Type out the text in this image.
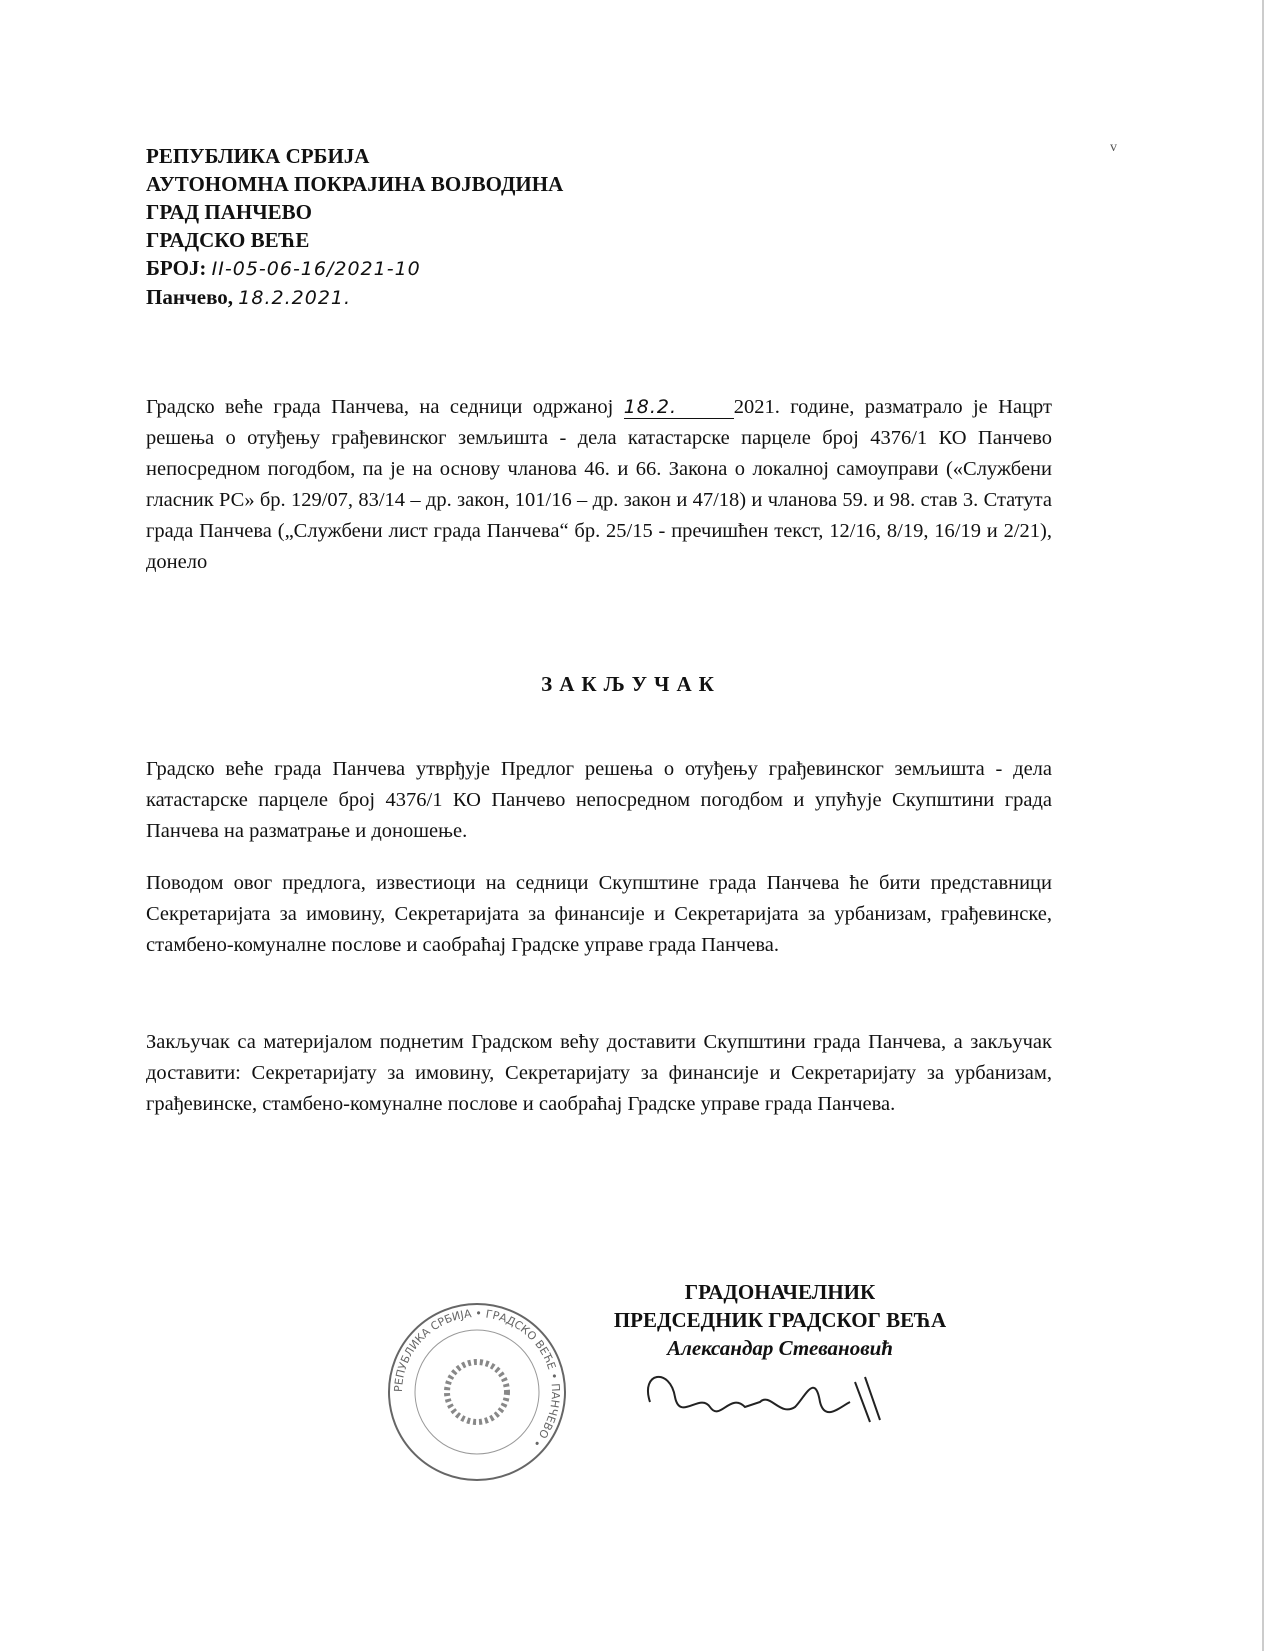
v
РЕПУБЛИКА СРБИЈА
АУТОНОМНА ПОКРАЈИНА ВОЈВОДИНА
ГРАД ПАНЧЕВО
ГРАДСКО ВЕЋЕ
БРОЈ: II-05-06-16/2021-10
Панчево, 18.2.2021.
Градско веће града Панчева, на седници одржаној 18.2.	2021. године, разматрало је Нацрт решења о отуђењу грађевинског земљишта - дела катастарске парцеле број 4376/1 КО Панчево непосредном погодбом, па је на основу чланова 46. и 66. Закона о локалној самоуправи («Службени гласник РС» бр. 129/07, 83/14 – др. закон, 101/16 – др. закон и 47/18) и чланова 59. и 98. став 3. Статута града Панчева („Службени лист града Панчева“ бр. 25/15 - пречишћен текст, 12/16, 8/19, 16/19 и 2/21), донело
ЗАКЉУЧАК
Градско веће града Панчева утврђује Предлог решења о отуђењу грађевинског земљишта - дела катастарске парцеле број 4376/1 КО Панчево непосредном погодбом и упућује Скупштини града Панчева на разматрање и доношење.
Поводом овог предлога, известиоци на седници Скупштине града Панчева ће бити представници Секретаријата за имовину, Секретаријата за финансије и Секретаријата за урбанизам, грађевинске, стамбено-комуналне послове и саобраћај Градске управе града Панчева.
Закључак са материјалом поднетим Градском већу доставити Скупштини града Панчева, а закључак доставити: Секретаријату за имовину, Секретаријату за финансије и Секретаријату за урбанизам, грађевинске, стамбено-комуналне послове и саобраћај Градске управе града Панчева.
РЕПУБЛИКА СРБИЈА • ГРАДСКО ВЕЋЕ • ПАНЧЕВО •
ГРАДОНАЧЕЛНИК
ПРЕДСЕДНИК ГРАДСКОГ ВЕЋА
Александар Стевановић
